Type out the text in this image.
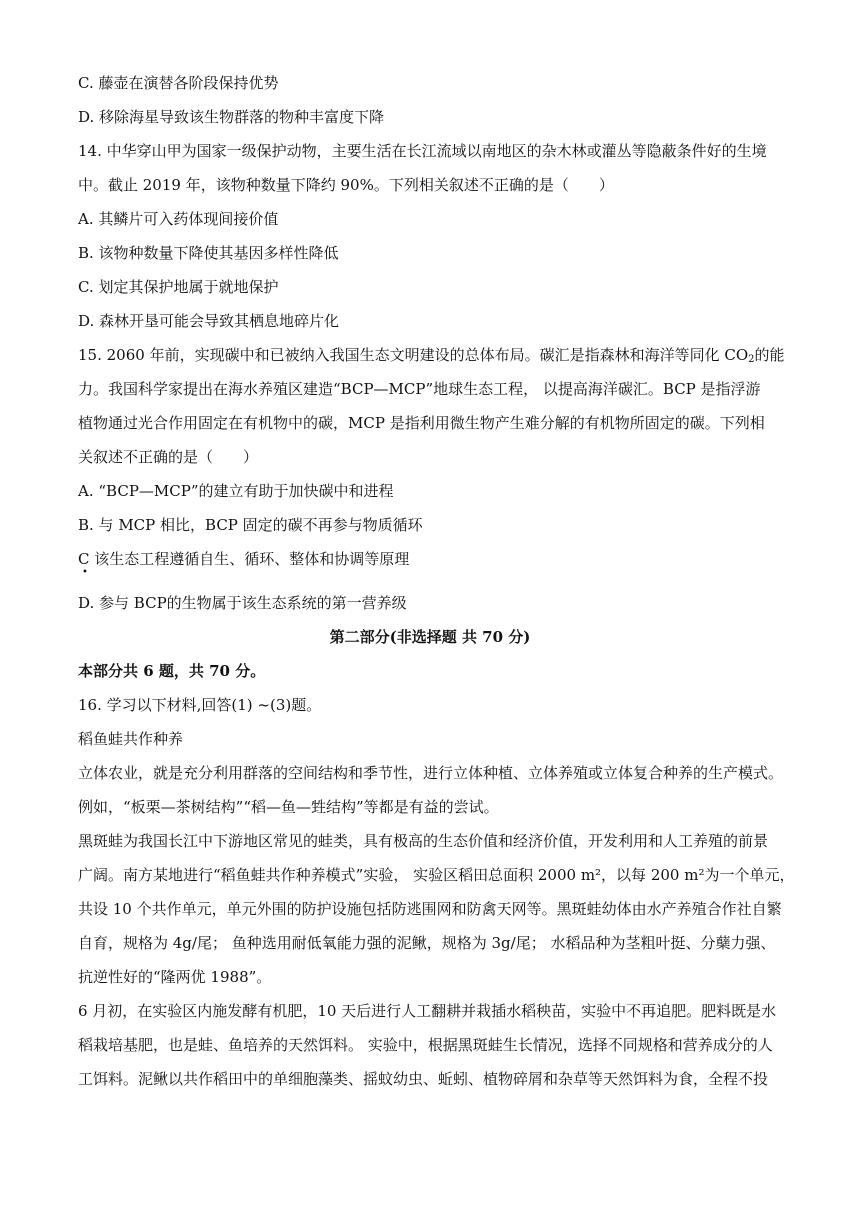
C. 藤壶在演替各阶段保持优势
D. 移除海星导致该生物群落的物种丰富度下降
14. 中华穿山甲为国家一级保护动物，主要生活在长江流域以南地区的杂木林或灌丛等隐蔽条件好的生境
中。截止 2019 年，该物种数量下降约 90%。下列相关叙述不正确的是（　　）
A. 其鳞片可入药体现间接价值
B. 该物种数量下降使其基因多样性降低
C. 划定其保护地属于就地保护
D. 森林开垦可能会导致其栖息地碎片化
15. 2060 年前，实现碳中和已被纳入我国生态文明建设的总体布局。碳汇是指森林和海洋等同化 $CO_2$的能
力。我国科学家提出在海水养殖区建造“BCP—MCP”地球生态工程， 以提高海洋碳汇。BCP 是指浮游
植物通过光合作用固定在有机物中的碳，MCP 是指利用微生物产生难分解的有机物所固定的碳。下列相
关叙述不正确的是（　　）
A. “BCP—MCP”的建立有助于加快碳中和进程
B. 与 MCP 相比，BCP 固定的碳不再参与物质循环
C 该生态工程遵循自生、循环、整体和协调等原理
•
D. 参与 BCP的生物属于该生态系统的第一营养级
第二部分(非选择题 共 70 分)
本部分共 6 题，共 70 分。
16. 学习以下材料,回答(1) ~(3)题。
稻鱼蛙共作种养
立体农业，就是充分利用群落的空间结构和季节性，进行立体种植、立体养殖或立体复合种养的生产模式。
例如，“板栗—茶树结构”“稻—鱼—甡结构”等都是有益的尝试。
黑斑蛙为我国长江中下游地区常见的蛙类，具有极高的生态价值和经济价值，开发利用和人工养殖的前景
广阔。南方某地进行“稻鱼蛙共作种养模式”实验， 实验区稻田总面积 2000 m²，以每 200 m²为一个单元，
共设 10 个共作单元，单元外围的防护设施包括防逃围网和防禽天网等。黑斑蛙幼体由水产养殖合作社自繁
自育，规格为 4g/尾； 鱼种选用耐低氧能力强的泥鳅，规格为 3g/尾； 水稻品种为茎粗叶挺、分蘖力强、
抗逆性好的“隆两优 1988”。
6 月初，在实验区内施发酵有机肥，10 天后进行人工翻耕并栽插水稻秧苗，实验中不再追肥。肥料既是水
稻栽培基肥，也是蛙、鱼培养的天然饵料。 实验中，根据黑斑蛙生长情况，选择不同规格和营养成分的人
工饵料。泥鳅以共作稻田中的单细胞藻类、摇蚊幼虫、蚯蚓、植物碎屑和杂草等天然饵料为食，全程不投
